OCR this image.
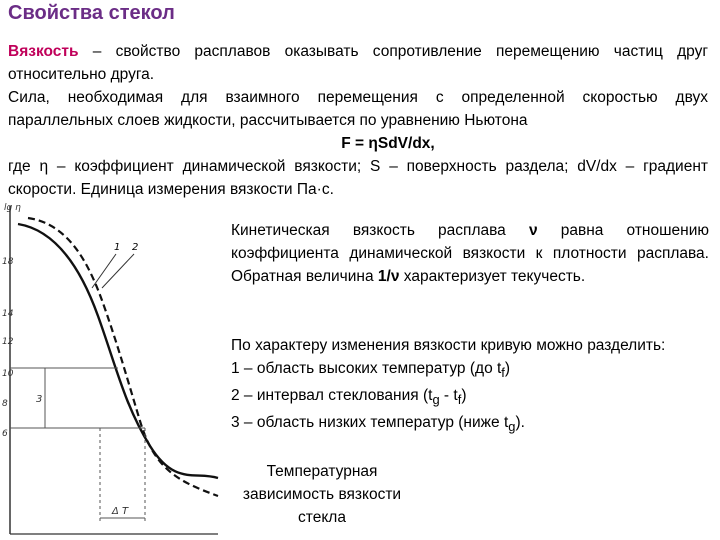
Свойства стекол
Вязкость – свойство расплавов оказывать сопротивление перемещению частиц друг относительно друга.
Сила, необходимая для взаимного перемещения с определенной скоростью двух параллельных слоев жидкости, рассчитывается по уравнению Ньютона
F = ηSdV/dx,
где η – коэффициент динамической вязкости; S – поверхность раздела; dV/dx – градиент скорости. Единица измерения вязкости Па·с.
lg η
18
14
12
10
8
6
1 2
3
Δ T
Кинетическая вязкость расплава ν равна отношению коэффициента динамической вязкости к плотности расплава. Обратная величина 1/ν характеризует текучесть.
По характеру изменения вязкости кривую можно разделить:
1 – область высоких температур (до $t_f$)
2 – интервал стеклования $(t_g - t_f)$
3 – область низких температур (ниже $t_g$).
Температурная зависимость вязкости стекла
